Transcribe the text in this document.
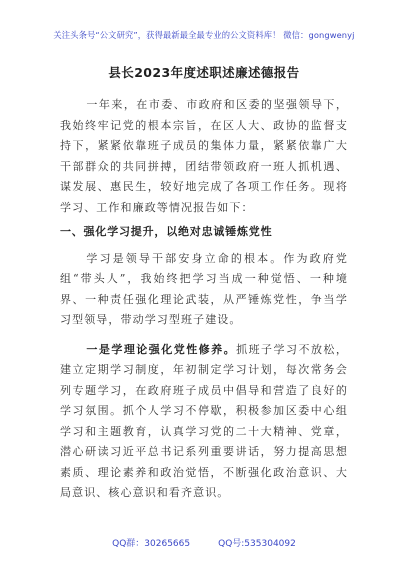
关注头条号“公文研究”，获得最新最全最专业的公文资料库！ 微信：gongwenyj
县长2023年度述职述廉述德报告

一年来，在市委、市政府和区委的坚强领导下，我始终牢记党的根本宗旨，在区人大、政协的监督支持下，紧紧依靠班子成员的集体力量，紧紧依靠广大干部群众的共同拼搏，团结带领政府一班人抓机遇、谋发展、惠民生，较好地完成了各项工作任务。现将学习、工作和廉政等情况报告如下：

一、强化学习提升，以绝对忠诚锤炼党性

学习是领导干部安身立命的根本。作为政府党组“带头人”，我始终把学习当成一种觉悟、一种境界、一种责任强化理论武装，从严锤炼党性，争当学习型领导，带动学习型班子建设。

一是学理论强化党性修养。抓班子学习不放松，建立定期学习制度，年初制定学习计划，每次常务会列专题学习，在政府班子成员中倡导和营造了良好的学习氛围。抓个人学习不停歇，积极参加区委中心组学习和主题教育，认真学习党的二十大精神、党章，潜心研读习近平总书记系列重要讲话，努力提高思想素质、理论素养和政治觉悟，不断强化政治意识、大局意识、核心意识和看齐意识。

QQ群：30265665	QQ号:535304092
